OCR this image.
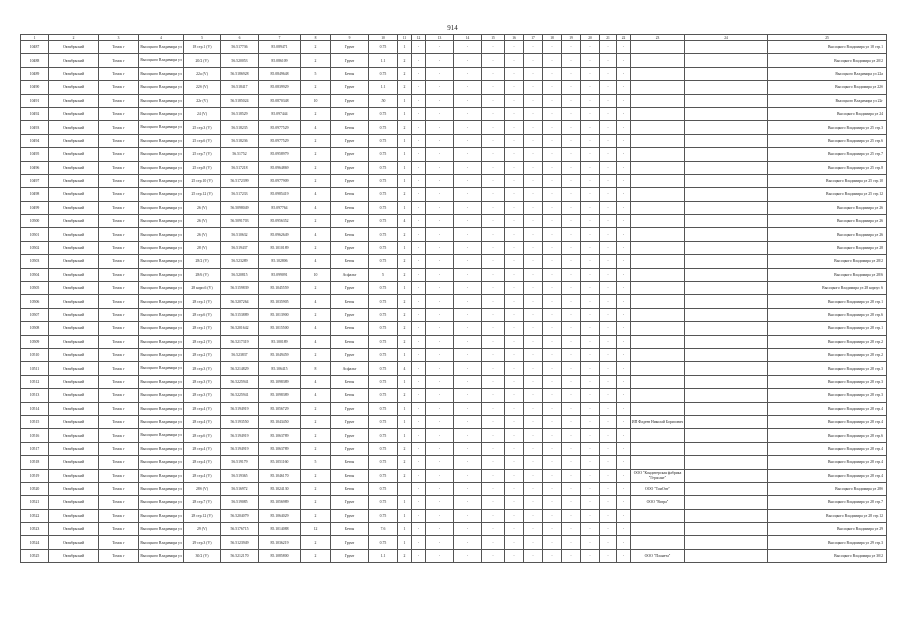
914
1	2	3	4	5	6	7	8	9	10	11	12	13	14	15	16	17	18	19	20	21	22	23	24	25
10487	Октябрьский	Томск г	Высоцкого Владимира ул	18 стр.1 (V)	56.517736	85.089471	2	Грунт	0.75	1	-	-	-	-	-	-	-	-	-	-	-			Высоцкого Владимира ул 18 стр.1
10488	Октябрьский	Томск г	Высоцкого Владимира ул	20/2 (V)	56.520053	85.086109	2	Грунт	1.1	2	-	-	-	-	-	-	-	-	-	-	-			Высоцкого Владимира ул 20/2
10489	Октябрьский	Томск г	Высоцкого Владимира ул	22а (V)	56.5186928	85.0849648	5	Бетон	0.75	2	-	-	-	-	-	-	-	-	-	-	-			Высоцкого Владимира ул 22а
10490	Октябрьский	Томск г	Высоцкого Владимира ул	22б (V)	56.518417	85.0839929	2	Грунт	1.1	2	-	-	-	-	-	-	-	-	-	-	-			Высоцкого Владимира ул 22б
10491	Октябрьский	Томск г	Высоцкого Владимира ул	22г (V)	56.5185024	85.0870348	10	Грунт	.50	1	-	-	-	-	-	-	-	-	-	-	-			Высоцкого Владимира ул 22г
10492	Октябрьский	Томск г	Высоцкого Владимира ул	24 (V)	56.518529	85.097444	2	Грунт	0.75	1	-	-	-	-	-	-	-	-	-	-	-			Высоцкого Владимира ул 24
10493	Октябрьский	Томск г	Высоцкого Владимира ул	25 стр.3 (V)	56.518235	85.0977529	4	Бетон	0.75	2	-	-	-	-	-	-	-	-	-	-	-			Высоцкого Владимира ул 25 стр.3
10494	Октябрьский	Томск г	Высоцкого Владимира ул	25 стр.6 (V)	56.518236	85.0977529	2	Грунт	0.75	1	-	-	-	-	-	-	-	-	-	-	-			Высоцкого Владимира ул 25 стр.6
10495	Октябрьский	Томск г	Высоцкого Владимира ул	25 стр.7 (V)	56.51752	85.0958979	2	Грунт	0.75	1	-	-	-	-	-	-	-	-	-	-	-			Высоцкого Владимира ул 25 стр.7
10496	Октябрьский	Томск г	Высоцкого Владимира ул	25 стр.8 (V)	56.517218	85.0964869	2	Грунт	0.75	1	-	-	-	-	-	-	-	-	-	-	-			Высоцкого Владимира ул 25 стр.8
10497	Октябрьский	Томск г	Высоцкого Владимира ул	25 стр.10 (V)	56.5172399	85.0977909	2	Грунт	0.75	1	-	-	-	-	-	-	-	-	-	-	-			Высоцкого Владимира ул 25 стр.10
10498	Октябрьский	Томск г	Высоцкого Владимира ул	25 стр.12 (V)	56.517233	85.0985419	4	Бетон	0.75	2	-	-	-	-	-	-	-	-	-	-	-			Высоцкого Владимира ул 25 стр.12
10499	Октябрьский	Томск г	Высоцкого Владимира ул	26 (V)	56.5098049	85.097764	4	Бетон	0.75	1	-	-	-	-	-	-	-	-	-	-	-			Высоцкого Владимира ул 26
10500	Октябрьский	Томск г	Высоцкого Владимира ул	26 (V)	56.5091703	85.0956352	2	Грунт	0.75	4	-	-	-	-	-	-	-	-	-	-	-			Высоцкого Владимира ул 26
10501	Октябрьский	Томск г	Высоцкого Владимира ул	26 (V)	56.510632	85.0962649	4	Бетон	0.75	2	-	-	-	-	-	-	-	-	-	-	-			Высоцкого Владимира ул 26
10502	Октябрьский	Томск г	Высоцкого Владимира ул	28 (V)	56.519437	85.1010189	2	Грунт	0.75	1	-	-	-	-	-	-	-	-	-	-	-			Высоцкого Владимира ул 28
10503	Октябрьский	Томск г	Высоцкого Владимира ул	28/2 (V)	56.523289	85.102806	4	Бетон	0.75	2	-	-	-	-	-	-	-	-	-	-	-			Высоцкого Владимира ул 28/2
10504	Октябрьский	Томск г	Высоцкого Владимира ул	28/6 (V)	56.520815	85.099091	10	Асфальт	5	2	-	-	-	-	-	-	-	-	-	-	-			Высоцкого Владимира ул 28/6
10505	Октябрьский	Томск г	Высоцкого Владимира ул	28 корп.6 (V)	56.5159839	85.1045559	2	Грунт	0.75	1	-	-	-	-	-	-	-	-	-	-	-			Высоцкого Владимира ул 28 корпус 6
10506	Октябрьский	Томск г	Высоцкого Владимира ул	28 стр.1 (V)	56.5207264	85.1035905	4	Бетон	0.75	2	-	-	-	-	-	-	-	-	-	-	-			Высоцкого Владимира ул 28 стр.1
10507	Октябрьский	Томск г	Высоцкого Владимира ул	28 стр.6 (V)	56.5153889	85.1013900	2	Грунт	0.75	2	-	-	-	-	-	-	-	-	-	-	-			Высоцкого Владимира ул 28 стр.6
10508	Октябрьский	Томск г	Высоцкого Владимира ул	28 стр.1 (V)	56.5201642	85.1015500	4	Бетон	0.75	2	-	-	-	-	-	-	-	-	-	-	-			Высоцкого Владимира ул 28 стр.1
10509	Октябрьский	Томск г	Высоцкого Владимира ул	28 стр.2 (V)	56.5217319	85.100189	4	Бетон	0.75	2	-	-	-	-	-	-	-	-	-	-	-			Высоцкого Владимира ул 28 стр.2
10510	Октябрьский	Томск г	Высоцкого Владимира ул	28 стр.2 (V)	56.523837	85.1049459	2	Грунт	0.75	1	-	-	-	-	-	-	-	-	-	-	-			Высоцкого Владимира ул 28 стр.2
10511	Октябрьский	Томск г	Высоцкого Владимира ул	28 стр.3 (V)	56.5214829	85.106415	8	Асфальт	0.75	4	-	-	-	-	-	-	-	-	-	-	-			Высоцкого Владимира ул 28 стр.3
10512	Октябрьский	Томск г	Высоцкого Владимира ул	28 стр.3 (V)	56.5225941	85.1098389	4	Бетон	0.75	1	-	-	-	-	-	-	-	-	-	-	-			Высоцкого Владимира ул 28 стр.3
10513	Октябрьский	Томск г	Высоцкого Владимира ул	28 стр.3 (V)	56.5225941	85.1098389	4	Бетон	0.75	2	-	-	-	-	-	-	-	-	-	-	-			Высоцкого Владимира ул 28 стр.3
10514	Октябрьский	Томск г	Высоцкого Владимира ул	28 стр.4 (V)	56.5194919	85.1056729	2	Грунт	0.75	1	-	-	-	-	-	-	-	-	-	-	-			Высоцкого Владимира ул 28 стр.4
10515	Октябрьский	Томск г	Высоцкого Владимира ул	28 стр.4 (V)	56.5193550	85.1043450	2	Грунт	0.75	1	-	-	-	-	-	-	-	-	-	-	-	ИП Фадеев Николай Борисович		Высоцкого Владимира ул 28 стр.4
10516	Октябрьский	Томск г	Высоцкого Владимира ул	28 стр.6 (V)	56.5194919	85.1063789	2	Грунт	0.75	1	-	-	-	-	-	-	-	-	-	-	-			Высоцкого Владимира ул 28 стр.6
10517	Октябрьский	Томск г	Высоцкого Владимира ул	28 стр.4 (V)	56.5194919	85.1063789	2	Грунт	0.75	2	-	-	-	-	-	-	-	-	-	-	-			Высоцкого Владимира ул 28 стр.4
10518	Октябрьский	Томск г	Высоцкого Владимира ул	28 стр.4 (V)	56.519179	85.1051160	5	Бетон	0.75	2	-	-	-	-	-	-	-	-	-	-	-			Высоцкого Владимира ул 28 стр.4
10519	Октябрьский	Томск г	Высоцкого Владимира ул	28 стр.4 (V)	56.519365	85.1046170	2	Бетон	0.75	2	-	-	-	-	-	-	-	-	-	-	-	ООО "Кондитерская фабрика "Герасант"		Высоцкого Владимира ул 28 стр.4
10520	Октябрьский	Томск г	Высоцкого Владимира ул	28б (V)	56.516972	85.1024130	2	Бетон	0.75		-	-	-	-	-	-	-	-	-	-	-	ООО "ТомОпт"		Высоцкого Владимира ул 28б
10521	Октябрьский	Томск г	Высоцкого Владимира ул	28 стр.7 (V)	56.519085	85.1056989	2	Грунт	0.75	1	-	-	-	-	-	-	-	-	-	-	-	ООО "Ватра"		Высоцкого Владимира ул 28 стр.7
10522	Октябрьский	Томск г	Высоцкого Владимира ул	28 стр.12 (V)	56.5204079	85.1064029	2	Грунт	0.75	1	-	-	-	-	-	-	-	-	-	-	-			Высоцкого Владимира ул 28 стр.12
10523	Октябрьский	Томск г	Высоцкого Владимира ул	29 (V)	56.5176715	85.1014088	12	Бетон	7.6	1	-	-	-	-	-	-	-	-	-	-	-			Высоцкого Владимира ул 29
10524	Октябрьский	Томск г	Высоцкого Владимира ул	29 стр.3 (V)	56.5123949	85.1036219	2	Грунт	0.75	1	-	-	-	-	-	-	-	-	-	-	-			Высоцкого Владимира ул 29 стр.3
10525	Октябрьский	Томск г	Высоцкого Владимира ул	30/2 (V)	56.5212170	85.1085800	2	Грунт	1.1	2	-	-	-	-	-	-	-	-	-	-	-	ООО "Планета"		Высоцкого Владимира ул 30/2
